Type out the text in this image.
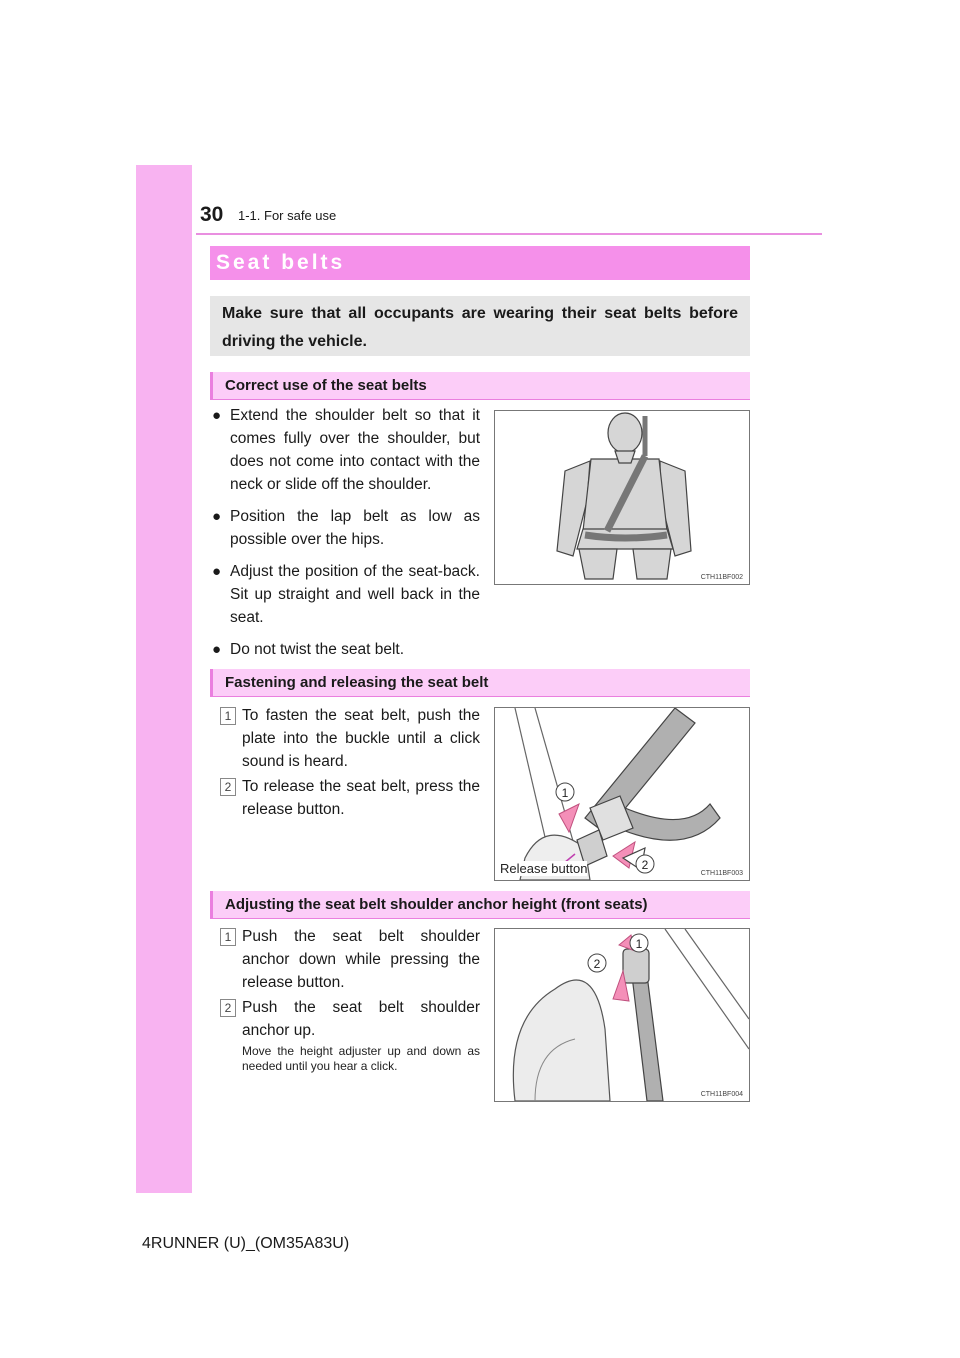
30 1-1. For safe use
Seat belts
Make sure that all occupants are wearing their seat belts before driving the vehicle.
Correct use of the seat belts
● Extend the shoulder belt so that it comes fully over the shoulder, but does not come into contact with the neck or slide off the shoulder.
● Position the lap belt as low as possible over the hips.
● Adjust the position of the seat-back. Sit up straight and well back in the seat.
● Do not twist the seat belt.
CTH11BF002
Fastening and releasing the seat belt
1 To fasten the seat belt, push the plate into the buckle until a click sound is heard.
2 To release the seat belt, press the release button.
1
2
Release button	CTH11BF003
Adjusting the seat belt shoulder anchor height (front seats)
1 Push the seat belt shoulder anchor down while pressing the release button.
2 Push the seat belt shoulder anchor up.
Move the height adjuster up and down as needed until you hear a click.
2
1
CTH11BF004
4RUNNER (U)_(OM35A83U)
